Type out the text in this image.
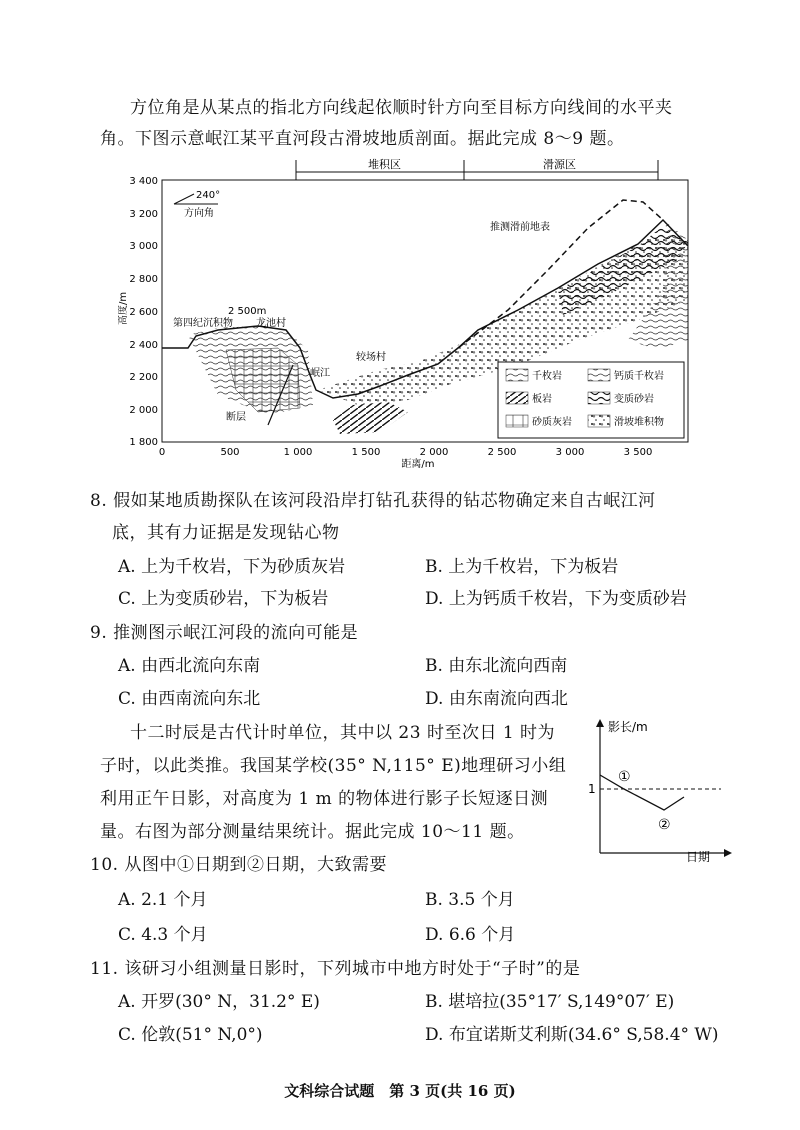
方位角是从某点的指北方向线起依顺时针方向至目标方向线间的水平夹
角。下图示意岷江某平直河段古滑坡地质剖面。据此完成 8～9 题。
堆积区	滑源区
3 400
3 200
3 000
2 800
2 600
2 400
2 200
2 000
1 800
高度/m
0	500	1 000	1 500	2 000	2 500	3 000	3 500
距离/m
240°
方向角
第四纪沉积物
2 500m
龙池村
岷江
较场村
断层
推测滑前地表
千枚岩	钙质千枚岩
板岩	变质砂岩
砂质灰岩	滑坡堆积物
8. 假如某地质勘探队在该河段沿岸打钻孔获得的钻芯物确定来自古岷江河
底，其有力证据是发现钻心物
A. 上为千枚岩，下为砂质灰岩	B. 上为千枚岩，下为板岩
C. 上为变质砂岩，下为板岩	D. 上为钙质千枚岩，下为变质砂岩
9. 推测图示岷江河段的流向可能是
A. 由西北流向东南	B. 由东北流向西南
C. 由西南流向东北	D. 由东南流向西北
十二时辰是古代计时单位，其中以 23 时至次日 1 时为
子时，以此类推。我国某学校(35° N,115° E)地理研习小组
利用正午日影，对高度为 1 m 的物体进行影子长短逐日测
量。右图为部分测量结果统计。据此完成 10～11 题。
影长/m
日期
1
①
②
10. 从图中①日期到②日期，大致需要
A. 2.1 个月	B. 3.5 个月
C. 4.3 个月	D. 6.6 个月
11. 该研习小组测量日影时，下列城市中地方时处于“子时”的是
A. 开罗(30° N，31.2° E)	B. 堪培拉(35°17′ S,149°07′ E)
C. 伦敦(51° N,0°)	D. 布宜诺斯艾利斯(34.6° S,58.4° W)
文科综合试题　第 3 页(共 16 页)
